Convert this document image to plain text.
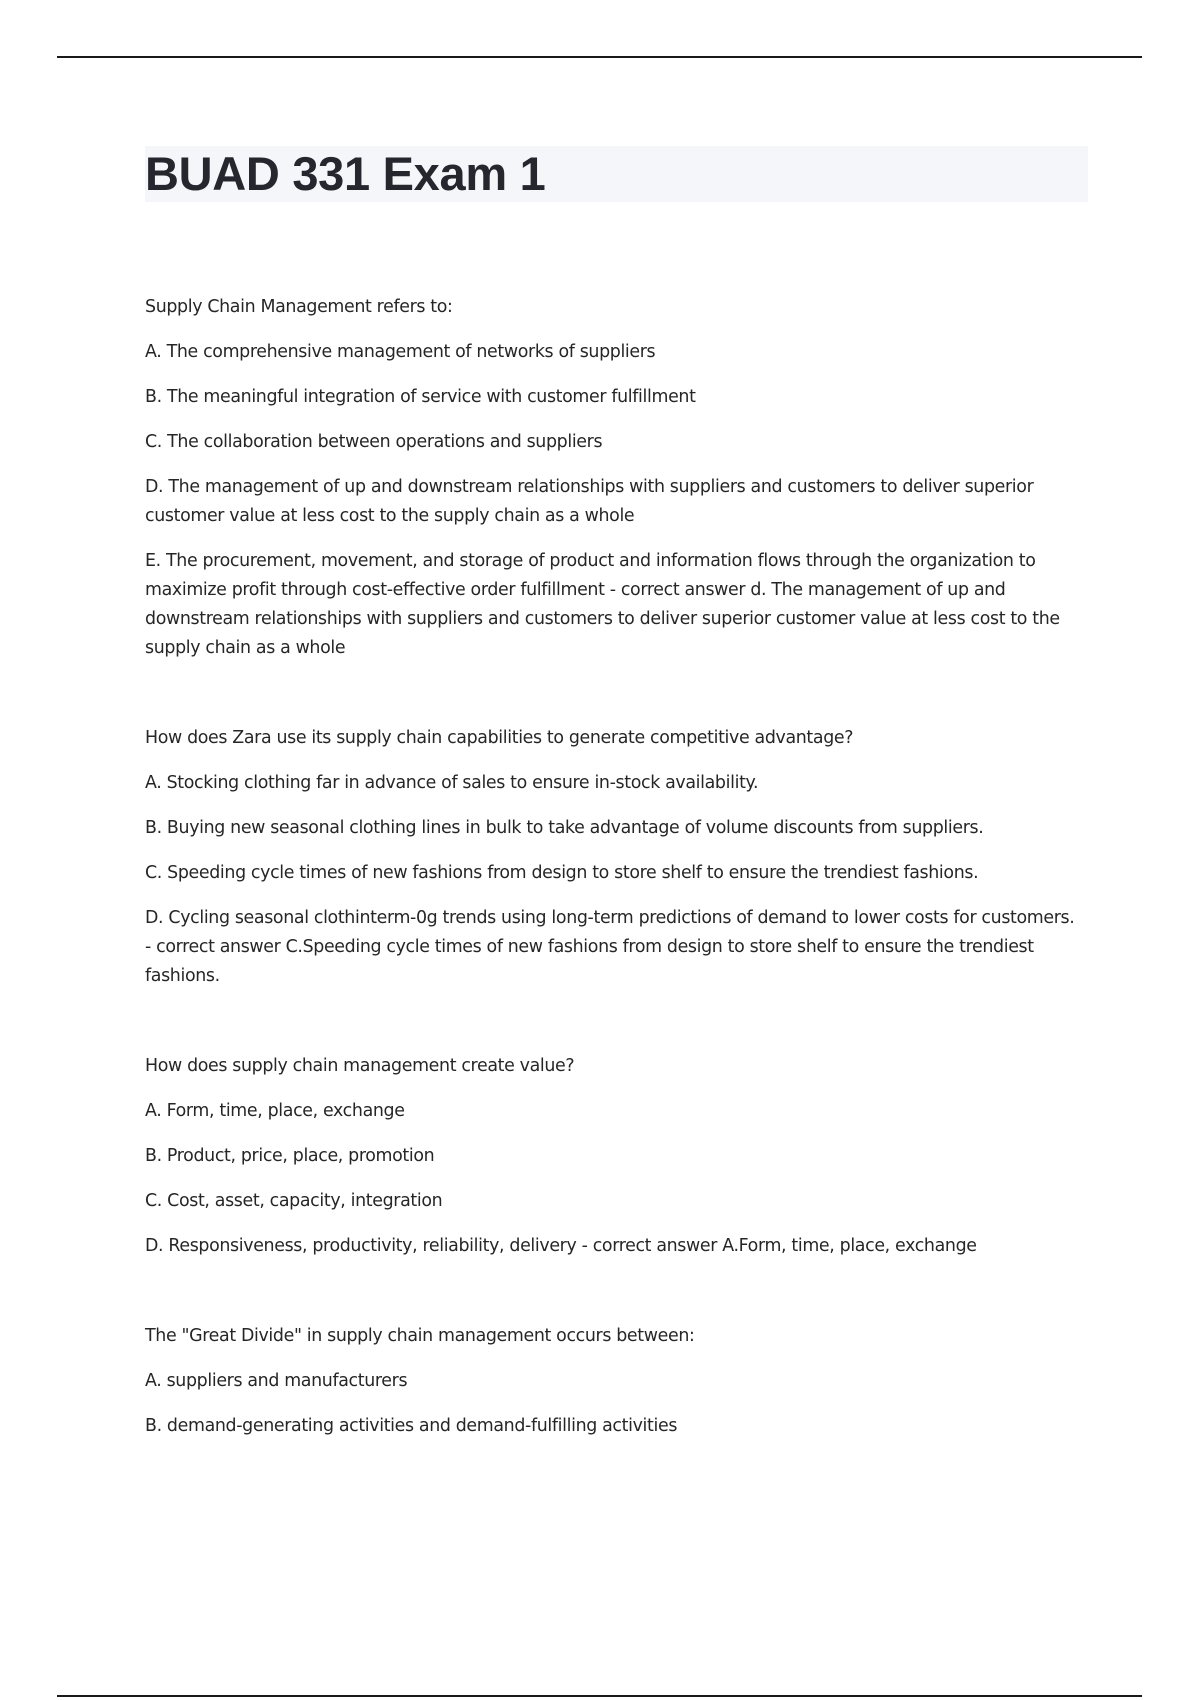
BUAD 331 Exam 1

Supply Chain Management refers to:

A. The comprehensive management of networks of suppliers

B. The meaningful integration of service with customer fulfillment

C. The collaboration between operations and suppliers

D. The management of up and downstream relationships with suppliers and customers to deliver superior customer value at less cost to the supply chain as a whole

E. The procurement, movement, and storage of product and information flows through the organization to maximize profit through cost-effective order fulfillment - correct answer d. The management of up and downstream relationships with suppliers and customers to deliver superior customer value at less cost to the supply chain as a whole

How does Zara use its supply chain capabilities to generate competitive advantage?

A. Stocking clothing far in advance of sales to ensure in-stock availability.

B. Buying new seasonal clothing lines in bulk to take advantage of volume discounts from suppliers.

C. Speeding cycle times of new fashions from design to store shelf to ensure the trendiest fashions.

D. Cycling seasonal clothinterm-0g trends using long-term predictions of demand to lower costs for customers. - correct answer C.Speeding cycle times of new fashions from design to store shelf to ensure the trendiest fashions.

How does supply chain management create value?

A. Form, time, place, exchange

B. Product, price, place, promotion

C. Cost, asset, capacity, integration

D. Responsiveness, productivity, reliability, delivery - correct answer A.Form, time, place, exchange

The "Great Divide" in supply chain management occurs between:

A. suppliers and manufacturers

B. demand-generating activities and demand-fulfilling activities
